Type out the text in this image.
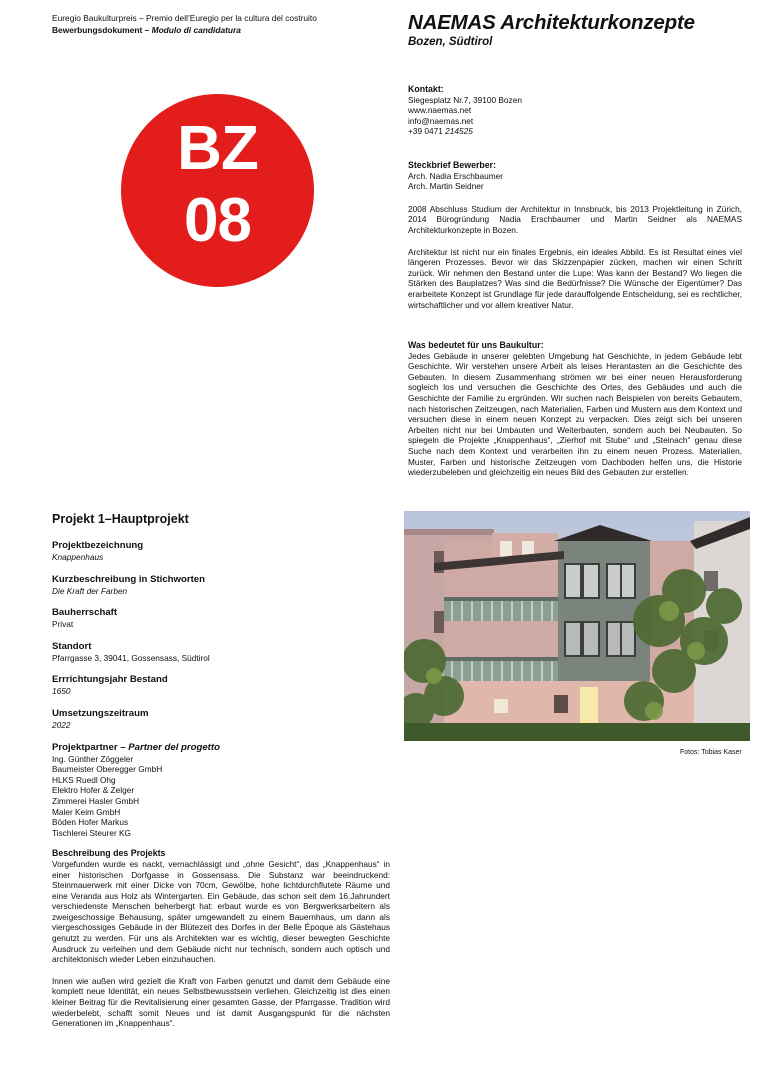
Euregio Baukulturpreis – Premio dell’Euregio per la cultura del costruito
Bewerbungsdokument – Modulo di candidatura	NAEMAS Architekturkonzepte
Bozen, Südtirol
BZ
08
Kontakt:
Siegesplatz Nr.7, 39100 Bozen
www.naemas.net
info@naemas.net
+39 0471 214525
Steckbrief Bewerber:
Arch. Nadia Erschbaumer
Arch. Martin Seidner
2008 Abschluss Studium der Architektur in Innsbruck, bis 2013 Projektleitung in Zürich, 2014 Bürogründung Nadia Erschbaumer und Martin Seidner als NAEMAS Architekturkonzepte in Bozen.
Architektur ist nicht nur ein finales Ergebnis, ein ideales Abbild. Es ist Resultat eines viel längeren Prozesses. Bevor wir das Skizzenpapier zücken, machen wir einen Schritt zurück. Wir nehmen den Bestand unter die Lupe: Was kann der Bestand? Wo liegen die Stärken des Bauplatzes? Was sind die Bedürfnisse? Die Wünsche der Eigentümer? Das erarbeitete Konzept ist Grundlage für jede darauffolgende Entscheidung, sei es rechtlicher, wirtschaftlicher und vor allem kreativer Natur.
Was bedeutet für uns Baukultur:
Jedes Gebäude in unserer gelebten Umgebung hat Geschichte, in jedem Gebäude lebt Geschichte. Wir verstehen unsere Arbeit als leises Herantasten an die Geschichte des Gebauten. In diesem Zusammenhang strömen wir bei einer neuen Herausforderung sogleich los und versuchen die Geschichte des Ortes, des Gebäudes und auch die Geschichte der Familie zu ergründen. Wir suchen nach Beispielen von bereits Gebautem, nach historischen Zeitzeugen, nach Materialien, Farben und Mustern aus dem Kontext und versuchen diese in einem neuen Konzept zu verpacken. Dies zeigt sich bei unseren Arbeiten nicht nur bei Umbauten und Weiterbauten, sondern auch bei Neubauten. So spiegeln die Projekte „Knappenhaus“, „Zierhof mit Stube“ und „Steinach“ genau diese Suche nach dem Kontext und verarbeiten ihn zu einem neuen Prozess. Materialien, Muster, Farben und historische Zeitzeugen vom Dachboden helfen uns, die Historie wiederzubeleben und gleichzeitig ein neues Bild des Gebauten zur erstellen.
Projekt 1–Hauptprojekt
Projektbezeichnung
Knappenhaus
Kurzbeschreibung in Stichworten
Die Kraft der Farben
Bauherrschaft
Privat
Standort
Pfarrgasse 3, 39041, Gossensass, Südtirol
Errrichtungsjahr Bestand
1650
Umsetzungszeitraum
2022
Projektpartner – Partner del progetto
Ing. Günther Zöggeler
Baumeister Oberegger GmbH
HLKS Ruedl Ohg
Elektro Hofer & Zelger
Zimmerei Hasler GmbH
Maler Keim GmbH
Böden Hofer Markus
Tischlerei Steurer KG
Beschreibung des Projekts
Vorgefunden wurde es nackt, vernachlässigt und „ohne Gesicht“, das „Knappenhaus“ in einer historischen Dorfgasse in Gossensass. Die Substanz war beeindruckend: Steinmauerwerk mit einer Dicke von 70cm, Gewölbe, hohe lichtdurchflutete Räume und eine Veranda aus Holz als Wintergarten. Ein Gebäude, das schon seit dem 16.Jahrundert verschiedenste Menschen beherbergt hat: erbaut wurde es von Bergwerksarbeitern als zweigeschossige Behausung, später umgewandelt zu einem Bauernhaus, um dann als viergeschossiges Gebäude in der Blütezeit des Dorfes in der Belle Époque als Gästehaus genutzt zu werden. Für uns als Architekten war es wichtig, dieser bewegten Geschichte Ausdruck zu verleihen und dem Gebäude nicht nur technisch, sondern auch optisch und architektonisch wieder Leben einzuhauchen.
Innen wie außen wird gezielt die Kraft von Farben genutzt und damit dem Gebäude eine komplett neue Identität, ein neues Selbstbewusstsein verliehen. Gleichzeitig ist dies einen kleiner Beitrag für die Revitalisierung einer gesamten Gasse, der Pfarrgasse. Tradition wird wiederbelebt, schafft somit Neues und ist damit Ausgangspunkt für die nächsten Generationen im „Knappenhaus“.
Fotos: Tobias Kaser
